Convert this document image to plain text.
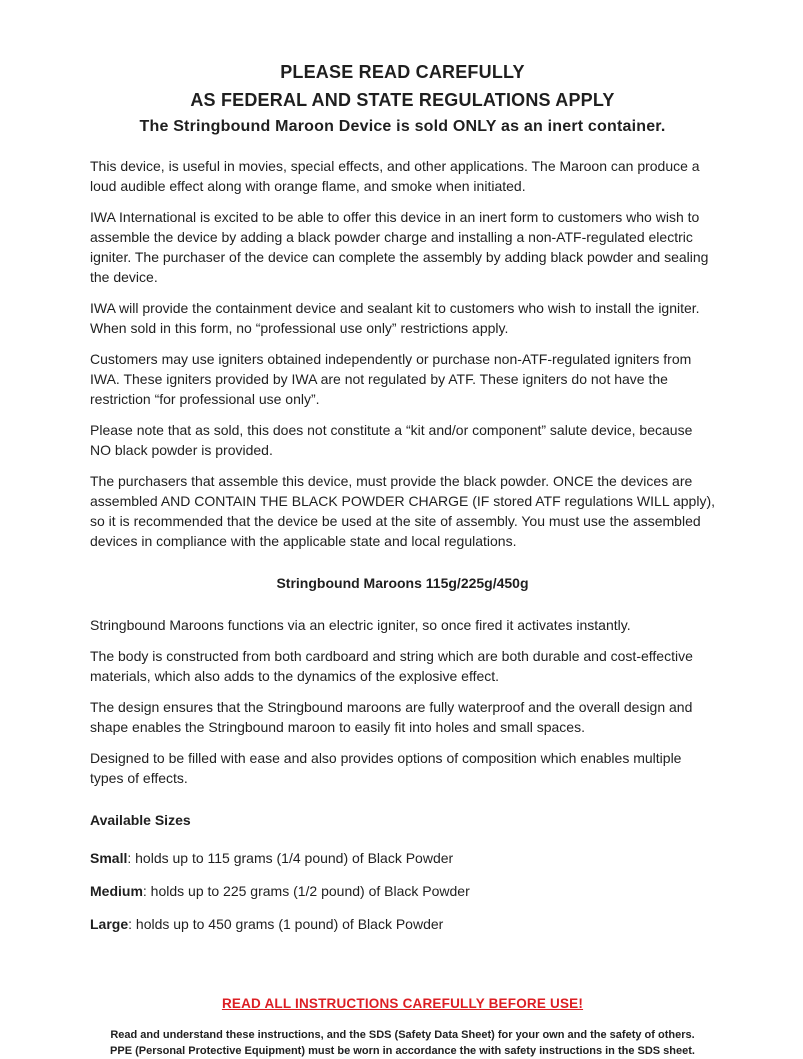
PLEASE READ CAREFULLY
AS FEDERAL AND STATE REGULATIONS APPLY
The Stringbound Maroon Device is sold ONLY as an inert container.

This device, is useful in movies, special effects, and other applications. The Maroon can produce a loud audible effect along with orange flame, and smoke when initiated.

IWA International is excited to be able to offer this device in an inert form to customers who wish to assemble the device by adding a black powder charge and installing a non-ATF-regulated electric igniter. The purchaser of the device can complete the assembly by adding black powder and sealing the device.

IWA will provide the containment device and sealant kit to customers who wish to install the igniter. When sold in this form, no “professional use only” restrictions apply.

Customers may use igniters obtained independently or purchase non-ATF-regulated igniters from IWA. These igniters provided by IWA are not regulated by ATF. These igniters do not have the restriction “for professional use only”.

Please note that as sold, this does not constitute a “kit and/or component” salute device, because NO black powder is provided.

The purchasers that assemble this device, must provide the black powder. ONCE the devices are assembled AND CONTAIN THE BLACK POWDER CHARGE (IF stored ATF regulations WILL apply), so it is recommended that the device be used at the site of assembly. You must use the assembled devices in compliance with the applicable state and local regulations.

Stringbound Maroons 115g/225g/450g

Stringbound Maroons functions via an electric igniter, so once fired it activates instantly.

The body is constructed from both cardboard and string which are both durable and cost-effective materials, which also adds to the dynamics of the explosive effect.

The design ensures that the Stringbound maroons are fully waterproof and the overall design and shape enables the Stringbound maroon to easily fit into holes and small spaces.

Designed to be filled with ease and also provides options of composition which enables multiple types of effects.

Available Sizes

Small: holds up to 115 grams (1/4 pound) of Black Powder

Medium: holds up to 225 grams (1/2 pound) of Black Powder

Large: holds up to 450 grams (1 pound) of Black Powder

READ ALL INSTRUCTIONS CAREFULLY BEFORE USE!
Read and understand these instructions, and the SDS (Safety Data Sheet) for your own and the safety of others.
PPE (Personal Protective Equipment) must be worn in accordance the with safety instructions in the SDS sheet.
